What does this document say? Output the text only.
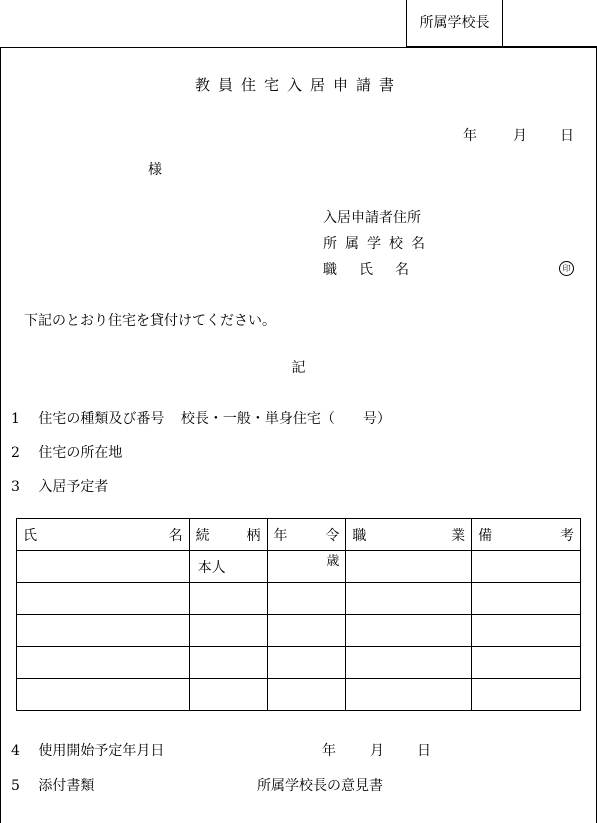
所属学校長
教員住宅入居申請書
年	月 日
様
入居申請者住所
所属学校名
職　氏　名	印
下記のとおり住宅を貸付けてください。
記
1 住宅の種類及び番号 校長・一般・単身住宅（　　号）
2 住宅の所在地
3 入居予定者
氏 名	続 柄	年 令	職 業	備 考

	本人	歳		

4 使用開始予定年月日	年 月 日
5 添付書類	所属学校長の意見書
